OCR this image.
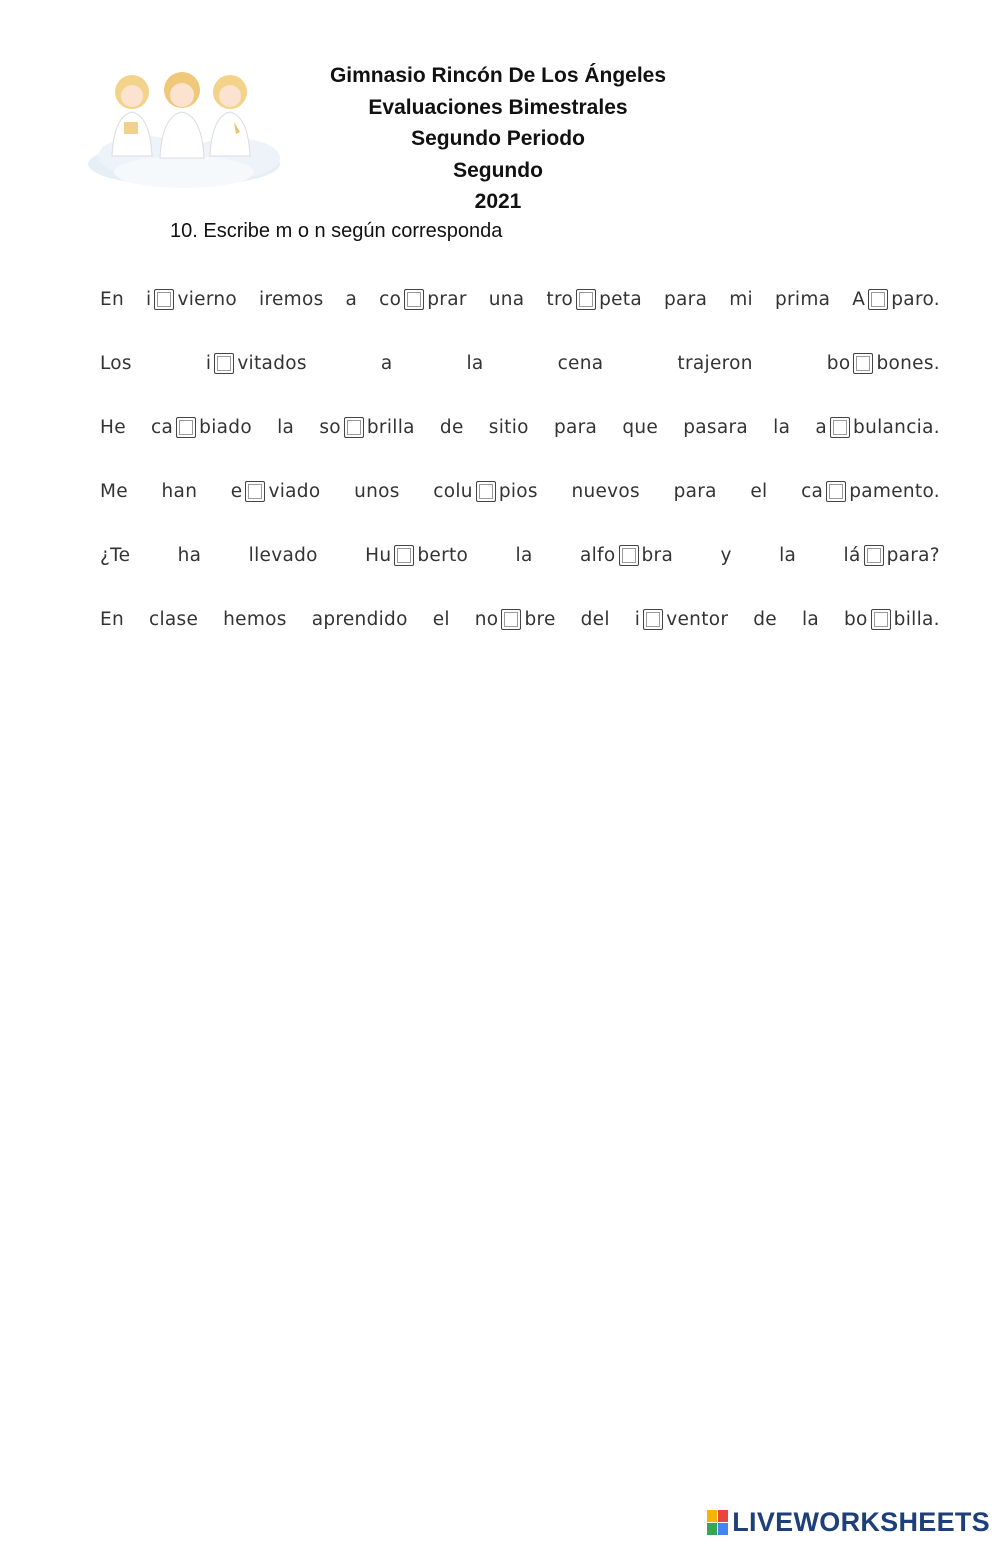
Gimnasio Rincón De Los Ángeles
Evaluaciones Bimestrales
Segundo Periodo
Segundo
2021
10. Escribe m o n según corresponda
En i vierno iremos a co prar una tro peta para mi prima A paro.
Los	i vitados	a	la	cena	trajeron	bo bones.
He ca biado la so brilla de sitio para que pasara la a bulancia.
Me han e viado unos colu pios nuevos para el ca pamento.
¿Te	ha	llevado	Hu berto	la	alfo bra	y	la	lá para?
En clase hemos aprendido el no bre del i ventor de la bo billa.
LIVEWORKSHEETS
